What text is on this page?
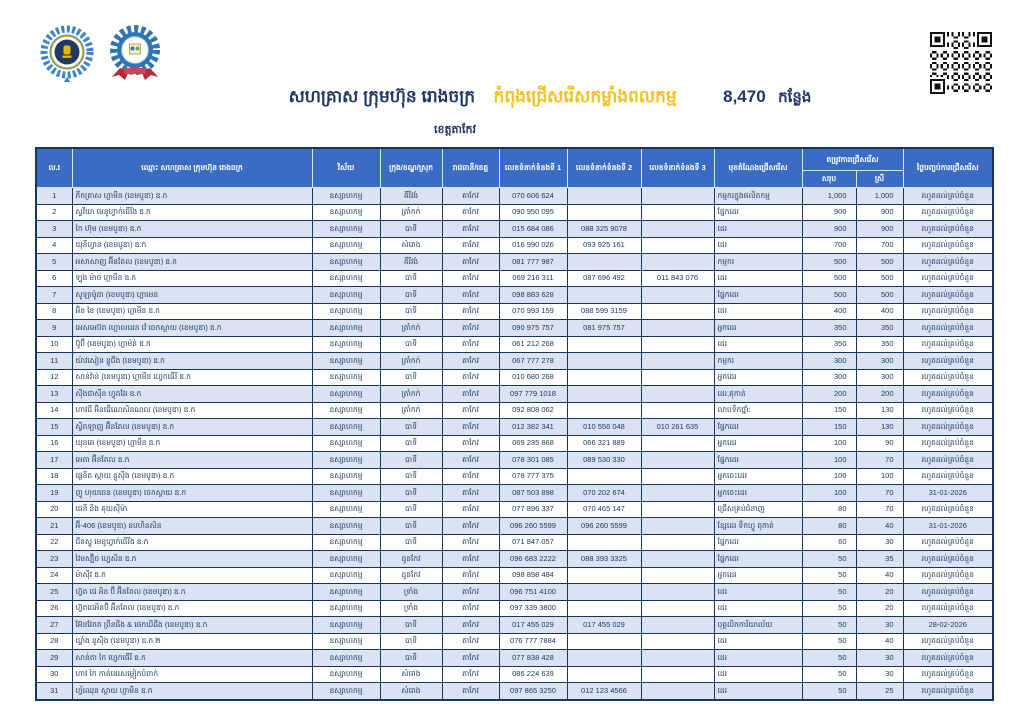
សហគ្រាស ក្រុមហ៊ុន រោងចក្រ កំពុងជ្រើសរើសកម្លាំងពលកម្ម	8,470 កន្លែង
ខេត្តតាកែវ
ល.រ	ឈ្មោះ សហគ្រាស ក្រុមហ៊ុន រោងចក្រ	វិស័យ	ក្រុង/ខណ្ឌ/ស្រុក	រាជធានី/ខេត្ត	លេខទំនាក់ទំនងទី 1	លេខទំនាក់ទំនងទី 2	លេខទំនាក់ទំនងទី 3	មុខតំណែងជ្រើសរើស	តម្រូវការជ្រើសរើស		ថ្ងៃបញ្ចប់ការជ្រើសរើស
									សរុប	ស្រី	
1	ភីកត្រាស ហ្គាមីន (ខេមបូឌា) ឌ.ក	ឧស្សាហកម្ម	គីរីវង់	តាកែវ	070 606 624			កម្មករក្នុងផលិតកម្ម	1,000	1,000	រហូតដល់គ្រប់ចំនួន
2	ស្ទវីយា មេនូហ្វាក់ធើរីង ឌ.ក	ឧស្សាហកម្ម	ត្រាំកក់	តាកែវ	090 950 095			ផ្នែកដេរ	900	900	រហូតដល់គ្រប់ចំនួន
3	កៃ ហ៊ុម (ខេមបូឌា) ឌ.ក	ឧស្សាហកម្ម	បាទី	តាកែវ	015 684 086	088 325 9078		ដេរ	900	900	រហូតដល់គ្រប់ចំនួន
4	យុនីហ្វាន (ខេមបូឌា) ឌ.ក	ឧស្សាហកម្ម	សំរោង	តាកែវ	016 990 026	093 925 161		ដេរ	700	700	រហូតដល់គ្រប់ចំនួន
5	អសាសាញ អ៊ីនតែល (ខេមបូឌា) ឌ.ក	ឧស្សាហកម្ម	គីរីវង់	តាកែវ	081 777 987			កម្មករ	500	500	រហូតដល់គ្រប់ចំនួន
6	ទ្បុង ម៉ាច ហ្គាមីន ឌ.ក	ឧស្សាហកម្ម	បាទី	តាកែវ	069 216 311	087 696 492	011 843 076	ដេរ	500	500	រហូតដល់គ្រប់ចំនួន
7	សូឡាម៉ូដា (ខេមបូឌា) ហ្គាមេន	ឧស្សាហកម្ម	បាទី	តាកែវ	098 883 628			ផ្នែកដេរ	500	500	រហូតដល់គ្រប់ចំនួន
8	អ៊ិន ខៃ (ខេមបូឌា) ហ្គាមីន ឌ.ក	ឧស្សាហកម្ម	បាទី	តាកែវ	070 993 159	088 599 3159		ដេរ	400	400	រហូតដល់គ្រប់ចំនួន
9	អេសអេប៊ត ហ្គោលដេន វ៉េ ចេកស្គាយ (ខេមបូឌា) ឌ.ក	ឧស្សាហកម្ម	ត្រាំកក់	តាកែវ	090 975 757	081 975 757		អ្នកដេរ	350	350	រហូតដល់គ្រប់ចំនួន
10	ប៊ូប៊ី (ខេមបូឌា) ហ្គាម៉ន់ ឌ.ក	ឧស្សាហកម្ម	បាទី	តាកែវ	061 212 268			ដេរ	350	350	រហូតដល់គ្រប់ចំនួន
11	យ៉ាវសៀន ខ្លូជីង (ខេមបូឌា) ឌ.ក	ឧស្សាហកម្ម	ត្រាំកក់	តាកែវ	067 777 278			កម្មករ	300	300	រហូតដល់គ្រប់ចំនួន
12	សាន់វ៉ាន់ (ខេមបូឌា) ហ្គាមីន ហ្វេកធើរី ឌ.ក	ឧស្សាហកម្ម	បាទី	តាកែវ	010 680 268			អ្នកដេរ	300	300	រហូតដល់គ្រប់ចំនួន
13	ស៊ីងជាស៊ីន ហ្វុតវែរ ឌ.ក	ឧស្សាហកម្ម	ត្រាំកក់	តាកែវ	097 779 1018			ដេរ,តុកាត់	200	200	រហូតដល់គ្រប់ចំនួន
14	ហាវជី អ៊ិនធើណេសិនណល (ខេមបូឌា) ឌ.ក	ឧស្សាហកម្ម	ត្រាំកក់	តាកែវ	092 808 062			លាបទឹកថ្នាំ:	150	130	រហូតដល់គ្រប់ចំនួន
15	ស្វីតឡាញ អ៊ីនតែល (ខេមបូឌា) ឌ.ក	ឧស្សាហកម្ម	បាទី	តាកែវ	012 382 341	010 556 048	010 261 635	ផ្នែកដេរ	150	130	រហូតដល់គ្រប់ចំនួន
16	ឃុនឆេ (ខេមបូឌា) ហ្គាមីន ឌ.ក	ឧស្សាហកម្ម	បាទី	តាកែវ	069 235 868	066 321 889		អ្នកដេរ	100	90	រហូតដល់គ្រប់ចំនួន
17	អេតា អ៊ីនតែល ឌ.ក	ឧស្សាហកម្ម	បាទី	តាកែវ	078 301 085	089 530 330		ផ្នែកដេរ	100	70	រហូតដល់គ្រប់ចំនួន
18	ផ្លេនីត ស្កាយ ខ្លូស៊ីង (ខេមបូឌា) ឌ.ក	ឧស្សាហកម្ម	បាទី	តាកែវ	078 777 375			អ្នកចេះដេរ	100	100	រហូតដល់គ្រប់ចំនួន
19	ញូ ហុយចេន (ខេមបូឌា) ចេកស្គាយ ឌ.ក	ឧស្សាហកម្ម	បាទី	តាកែវ	087 503 898	070 202 674		អ្នកចេះដេរ	100	70	31-01-2026
20	ជេនី និង គុយស៊ីម៉ា	ឧស្សាហកម្ម	បាទី	តាកែវ	077 896 337	070 465 147		ជ្រើសគ្រប់ជំនាញ	80	70	រហូតដល់គ្រប់ចំនួន
21	អ៊ី-406 (ខេមបូឌា) ខបហិនសិន	ឧស្សាហកម្ម	បាទី	តាកែវ	096 260 5599	096 260 5599		ខ្សែដេរ ទឹកហ្វូ តុកាត់	80	40	31-01-2026
22	ជីនស្វូ មេនូហ្វាក់ធើរីង ឌ.ក	ឧស្សាហកម្ម	បាទី	តាកែវ	071 847 057			ផ្នែកដេរ	60	30	រហូតដល់គ្រប់ចំនួន
23	វៃមស្ប៊ិច ហ្វេសិន ឌ.ក	ឧស្សាហកម្ម	ដូនកែវ	តាកែវ	096 683 2222	088 393 3325		ផ្នែកដេរ	50	35	រហូតដល់គ្រប់ចំនួន
24	ម៉ាស៊ីវ ឌ.ក	ឧស្សាហកម្ម	ដូនកែវ	តាកែវ	098 898 484			អ្នកដេរ	50	40	រហូតដល់គ្រប់ចំនួន
25	ហ្វ៊ត ជេ អិន ប៊ី អ៊ីនតែល (ខេមបូឌា) ឌ.ក	ឧស្សាហកម្ម	ទ្រាំង	តាកែវ	096 751 4100			ដេរ	50	20	រហូតដល់គ្រប់ចំនួន
26	ហ្វ៊តជេអិនប៊ី អ៊ីនតែល (ខេមបូឌា) ឌ.ក	ឧស្សាហកម្ម	ទ្រាំង	តាកែវ	097 339 3800			ដេរ	50	20	រហូតដល់គ្រប់ចំនួន
27	អ៊ែនវែកត ព្រីនធីង & ផេកឃីជីង (ខេមបូឌា) ឌ.ក	ឧស្សាហកម្ម	បាទី	តាកែវ	017 455 029	017 455 029		បុគ្គលិកការិយាល័យ	50	30	28-02-2026
28	ឃ្វាំង ខូស៊ិង (ខេមបូឌា) ឌ.ក ២	ឧស្សាហកម្ម	បាទី	តាកែវ	076 777 7884			ដេរ	50	40	រហូតដល់គ្រប់ចំនួន
29	សាន់តា កៃ ហ្វេកធើរី ឌ.ក	ឧស្សាហកម្ម	បាទី	តាកែវ	077 838 428			ដេរ	50	30	រហូតដល់គ្រប់ចំនួន
30	ហាវ កៃ កាត់ដេរសម្លៀកបំពាក់	ឧស្សាហកម្ម	សំរោង	តាកែវ	086 224 639			ដេរ	50	30	រហូតដល់គ្រប់ចំនួន
31	ហ្វ័រឈុន ស្កាយ ហ្គាមីន ឌ.ក	ឧស្សាហកម្ម	សំរោង	តាកែវ	097 865 3250	012 123 4566		ដេរ	50	25	រហូតដល់គ្រប់ចំនួន
